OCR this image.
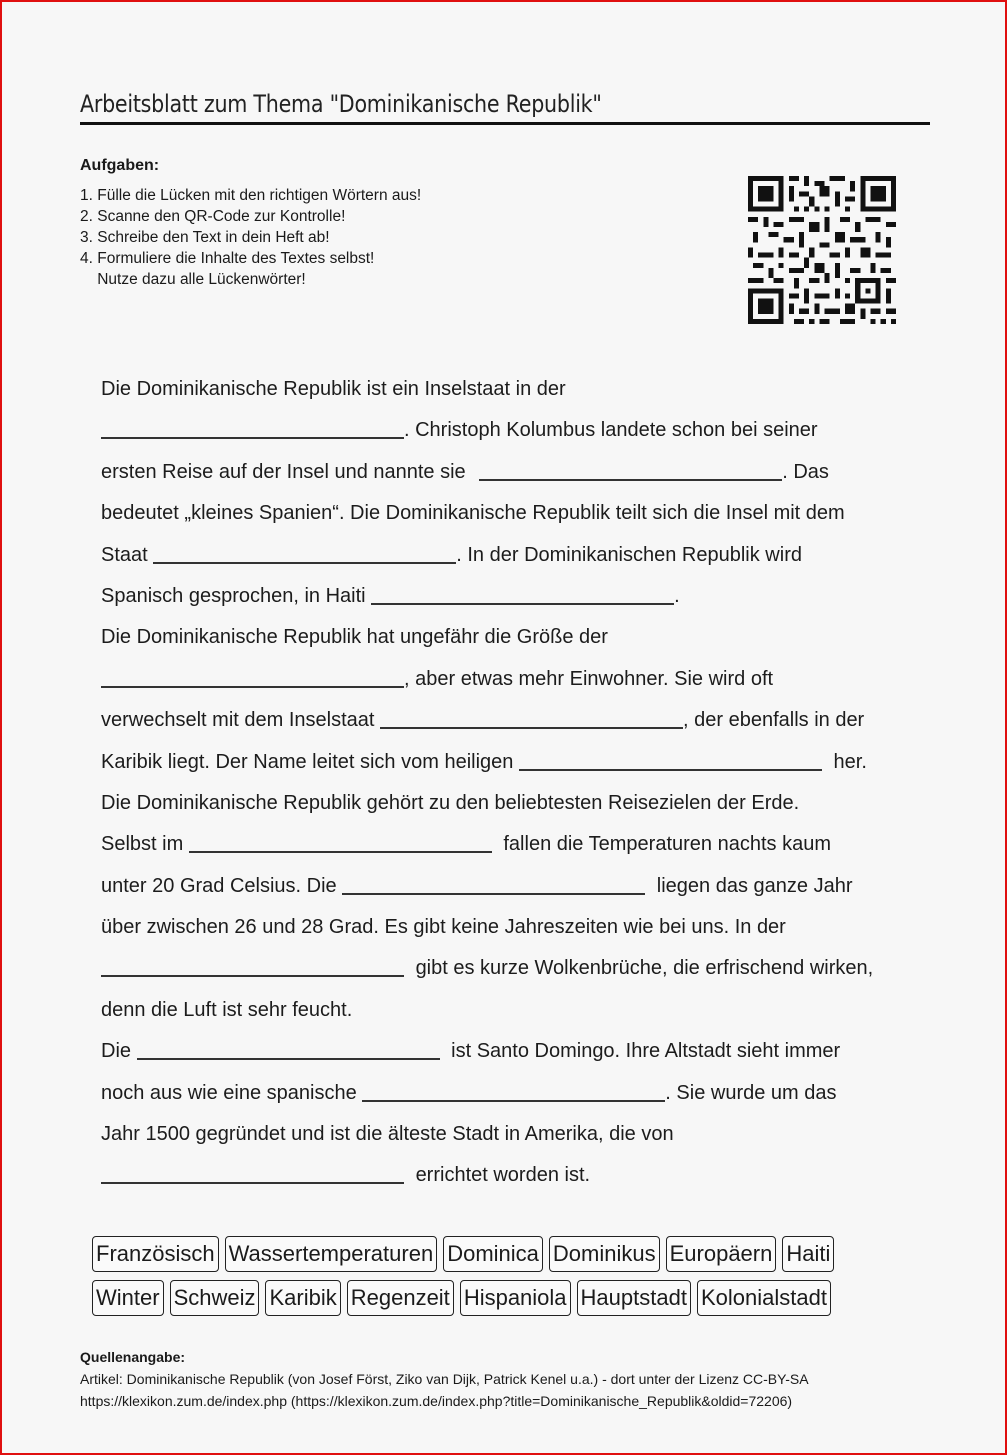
Arbeitsblatt zum Thema "Dominikanische Republik"
Aufgaben:
1. Fülle die Lücken mit den richtigen Wörtern aus!
2. Scanne den QR-Code zur Kontrolle!
3. Schreibe den Text in dein Heft ab!
4. Formuliere die Inhalte des Textes selbst!
Nutze dazu alle Lückenwörter!
Die Dominikanische Republik ist ein Inselstaat in der
. Christoph Kolumbus landete schon bei seiner
ersten Reise auf der Insel und nannte sie	. Das
bedeutet „kleines Spanien“. Die Dominikanische Republik teilt sich die Insel mit dem
Staat	. In der Dominikanischen Republik wird
Spanisch gesprochen, in Haiti	.
Die Dominikanische Republik hat ungefähr die Größe der
, aber etwas mehr Einwohner. Sie wird oft
verwechselt mit dem Inselstaat	, der ebenfalls in der
Karibik liegt. Der Name leitet sich vom heiligen	her.
Die Dominikanische Republik gehört zu den beliebtesten Reisezielen der Erde.
Selbst im	fallen die Temperaturen nachts kaum
unter 20 Grad Celsius. Die	liegen das ganze Jahr
über zwischen 26 und 28 Grad. Es gibt keine Jahreszeiten wie bei uns. In der
gibt es kurze Wolkenbrüche, die erfrischend wirken,
denn die Luft ist sehr feucht.
Die	ist Santo Domingo. Ihre Altstadt sieht immer
noch aus wie eine spanische	. Sie wurde um das
Jahr 1500 gegründet und ist die älteste Stadt in Amerika, die von
errichtet worden ist.
Französisch Wassertemperaturen Dominica Dominikus Europäern Haiti
Winter Schweiz Karibik Regenzeit Hispaniola Hauptstadt Kolonialstadt
Quellenangabe:
Artikel: Dominikanische Republik (von Josef Först, Ziko van Dijk, Patrick Kenel u.a.) - dort unter der Lizenz CC-BY-SA
https://klexikon.zum.de/index.php (https://klexikon.zum.de/index.php?title=Dominikanische_Republik&oldid=72206)
